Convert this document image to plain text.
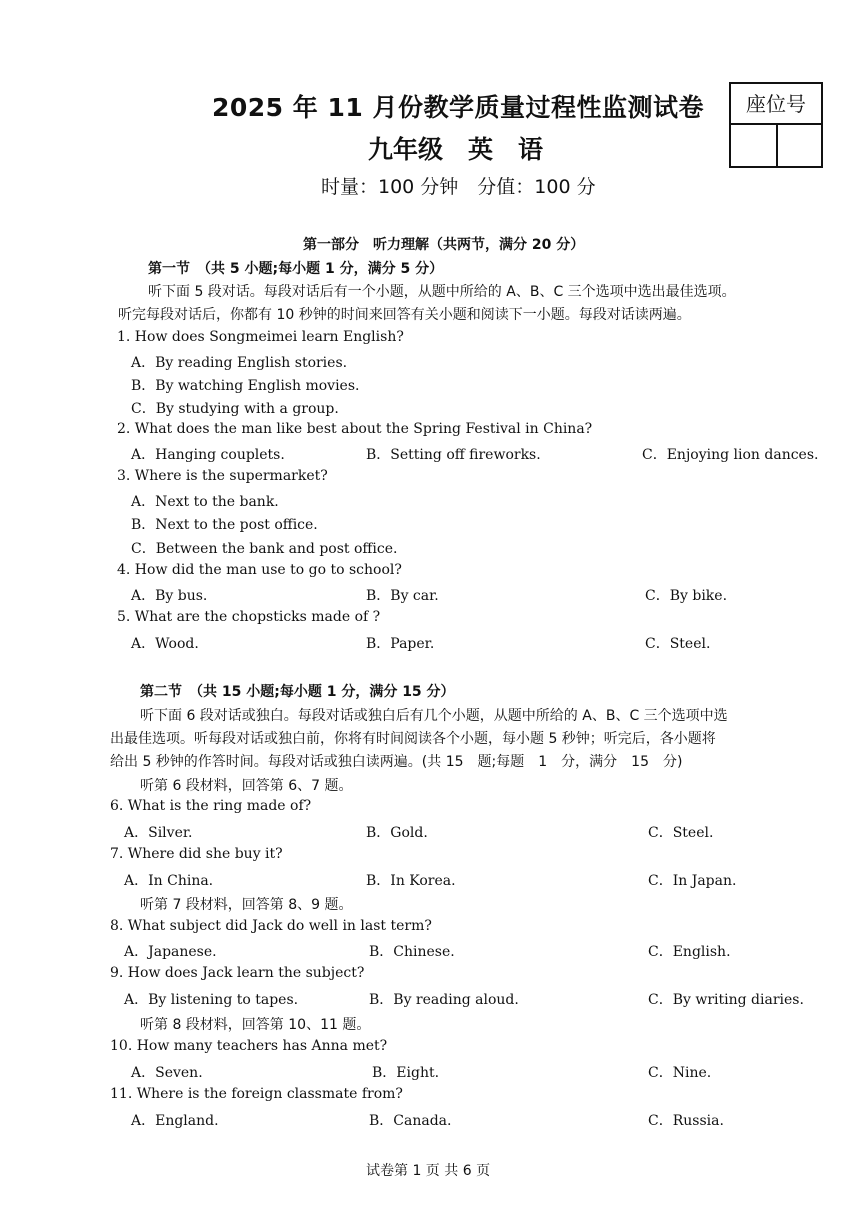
2025 年 11 月份教学质量过程性监测试卷
九年级　英　语
时量：100 分钟　分值：100 分
座位号
第一部分　听力理解（共两节，满分 20 分）
第一节　（共 5 小题;每小题 1 分，满分 5 分）
听下面 5 段对话。每段对话后有一个小题，从题中所给的 A、B、C 三个选项中选出最佳选项。
听完每段对话后，你都有 10 秒钟的时间来回答有关小题和阅读下一小题。每段对话读两遍。
1. How does Songmeimei learn English?
A．By reading English stories.
B．By watching English movies.
C．By studying with a group.
2. What does the man like best about the Spring Festival in China?
A．Hanging couplets.	B．Setting off fireworks.	C．Enjoying lion dances.
3. Where is the supermarket?
A．Next to the bank.
B．Next to the post office.
C．Between the bank and post office.
4. How did the man use to go to school?
A．By bus.	B．By car.	C．By bike.
5. What are the chopsticks made of ?
A．Wood.	B．Paper.	C．Steel.
第二节　（共 15 小题;每小题 1 分，满分 15 分）
听下面 6 段对话或独白。每段对话或独白后有几个小题，从题中所给的 A、B、C 三个选项中选
出最佳选项。听每段对话或独白前，你将有时间阅读各个小题，每小题 5 秒钟；听完后，各小题将
给出 5 秒钟的作答时间。每段对话或独白读两遍。(共 15　题;每题　1　分，满分　15　分)
听第 6 段材料，回答第 6、7 题。
6. What is the ring made of?
A．Silver.	B．Gold.	C．Steel.
7. Where did she buy it?
A．In China.	B．In Korea.	C．In Japan.
听第 7 段材料，回答第 8、9 题。
8. What subject did Jack do well in last term?
A．Japanese.	B．Chinese.	C．English.
9. How does Jack learn the subject?
A．By listening to tapes.	B．By reading aloud.	C．By writing diaries.
听第 8 段材料，回答第 10、11 题。
10. How many teachers has Anna met?
A．Seven.	B．Eight.	C．Nine.
11. Where is the foreign classmate from?
A．England.	B．Canada.	C．Russia.
试卷第 1 页 共 6 页
